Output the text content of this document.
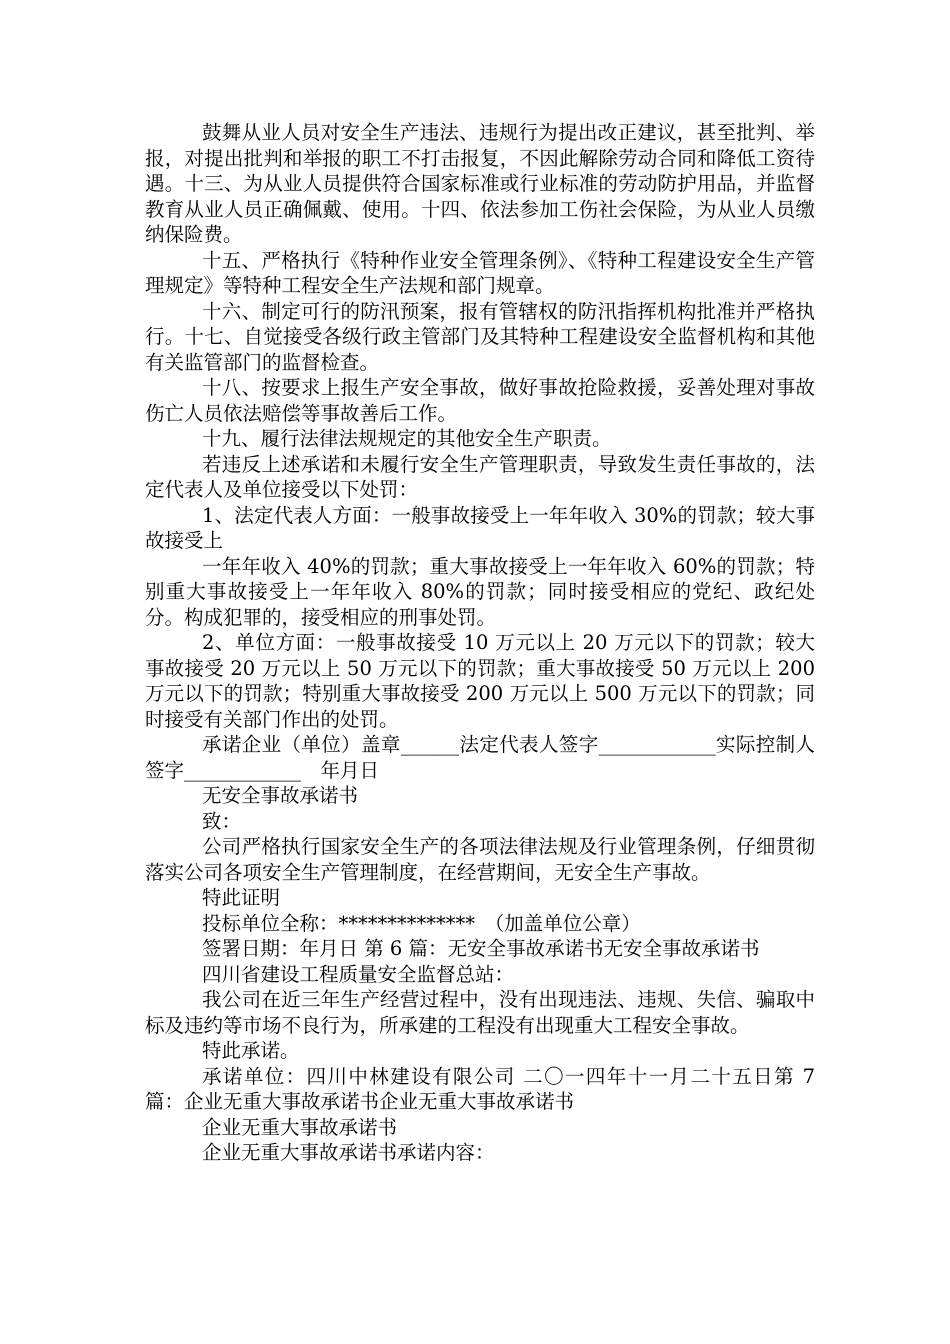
鼓舞从业人员对安全生产违法、违规行为提出改正建议，甚至批判、举报，对提出批判和举报的职工不打击报复，不因此解除劳动合同和降低工资待遇。十三、为从业人员提供符合国家标准或行业标准的劳动防护用品，并监督教育从业人员正确佩戴、使用。十四、依法参加工伤社会保险，为从业人员缴纳保险费。

十五、严格执行《特种作业安全管理条例》、《特种工程建设安全生产管理规定》等特种工程安全生产法规和部门规章。

十六、制定可行的防汛预案，报有管辖权的防汛指挥机构批准并严格执行。十七、自觉接受各级行政主管部门及其特种工程建设安全监督机构和其他有关监管部门的监督检查。

十八、按要求上报生产安全事故，做好事故抢险救援，妥善处理对事故伤亡人员依法赔偿等事故善后工作。

十九、履行法律法规规定的其他安全生产职责。

若违反上述承诺和未履行安全生产管理职责，导致发生责任事故的，法定代表人及单位接受以下处罚：

1、法定代表人方面：一般事故接受上一年年收入 30%的罚款；较大事故接受上

一年年收入 40%的罚款；重大事故接受上一年年收入 60%的罚款；特别重大事故接受上一年年收入 80%的罚款；同时接受相应的党纪、政纪处分。构成犯罪的，接受相应的刑事处罚。

2、单位方面：一般事故接受 10 万元以上 20 万元以下的罚款；较大事故接受 20 万元以上 50 万元以下的罚款；重大事故接受 50 万元以上 200 万元以下的罚款；特别重大事故接受 200 万元以上 500 万元以下的罚款；同时接受有关部门作出的处罚。

承诺企业（单位）盖章______法定代表人签字____________实际控制人签字____________　年月日

无安全事故承诺书

致：

公司严格执行国家安全生产的各项法律法规及行业管理条例，仔细贯彻落实公司各项安全生产管理制度，在经营期间，无安全生产事故。

特此证明

投标单位全称：**************　（加盖单位公章）

签署日期：年月日 第 6 篇：无安全事故承诺书无安全事故承诺书

四川省建设工程质量安全监督总站：

我公司在近三年生产经营过程中，没有出现违法、违规、失信、骗取中标及违约等市场不良行为，所承建的工程没有出现重大工程安全事故。

特此承诺。

承诺单位：四川中林建设有限公司 二〇一四年十一月二十五日第 7 篇：企业无重大事故承诺书企业无重大事故承诺书

企业无重大事故承诺书

企业无重大事故承诺书承诺内容：
